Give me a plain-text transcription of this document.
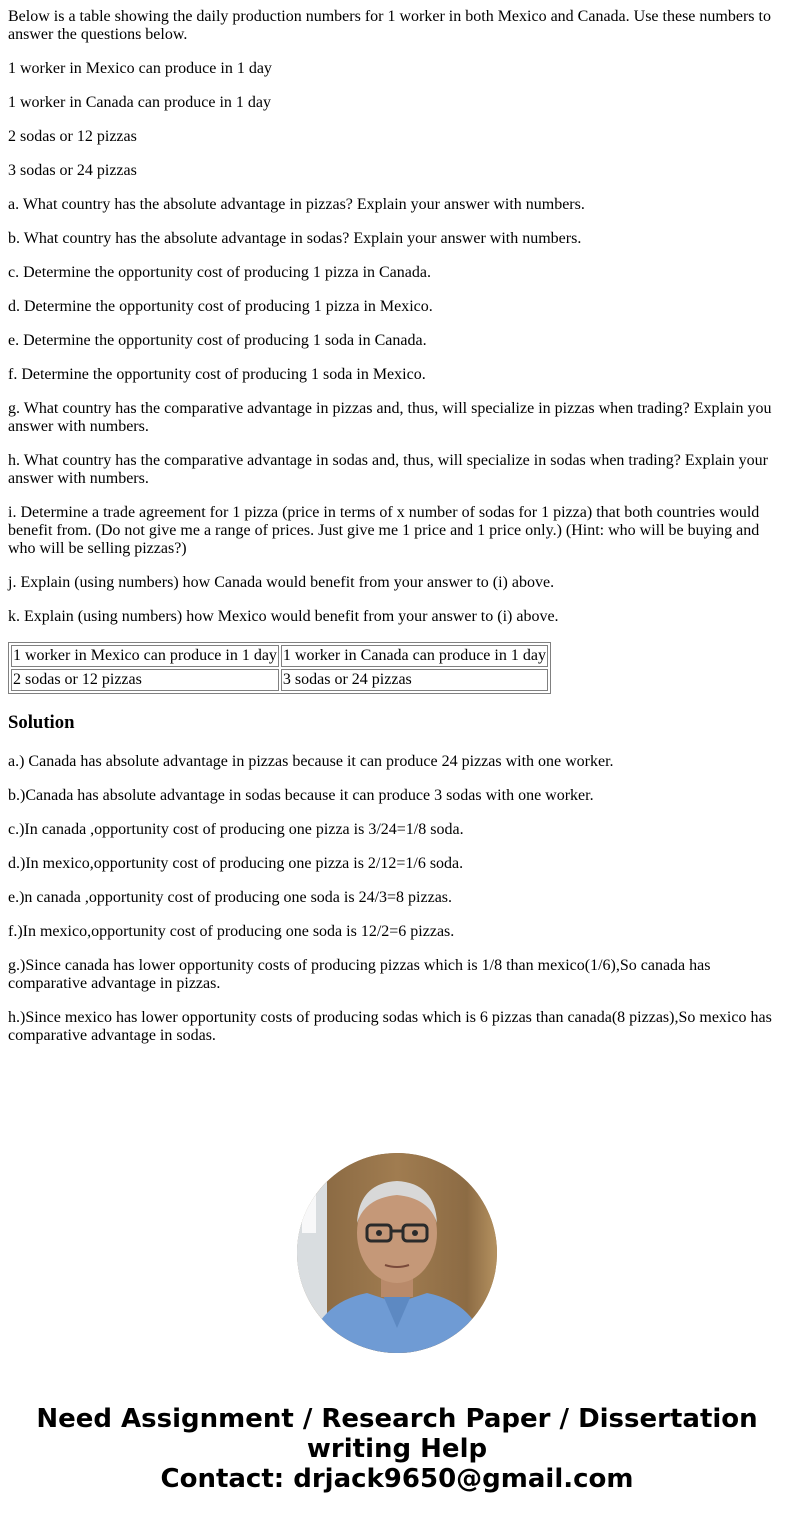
Below is a table showing the daily production numbers for 1 worker in both Mexico and Canada. Use these numbers to answer the questions below.

1 worker in Mexico can produce in 1 day

1 worker in Canada can produce in 1 day

2 sodas or 12 pizzas

3 sodas or 24 pizzas

a. What country has the absolute advantage in pizzas? Explain your answer with numbers.

b. What country has the absolute advantage in sodas? Explain your answer with numbers.

c. Determine the opportunity cost of producing 1 pizza in Canada.

d. Determine the opportunity cost of producing 1 pizza in Mexico.

e. Determine the opportunity cost of producing 1 soda in Canada.

f. Determine the opportunity cost of producing 1 soda in Mexico.

g. What country has the comparative advantage in pizzas and, thus, will specialize in pizzas when trading? Explain you answer with numbers.

h. What country has the comparative advantage in sodas and, thus, will specialize in sodas when trading? Explain your answer with numbers.

i. Determine a trade agreement for 1 pizza (price in terms of x number of sodas for 1 pizza) that both countries would benefit from. (Do not give me a range of prices. Just give me 1 price and 1 price only.) (Hint: who will be buying and who will be selling pizzas?)

j. Explain (using numbers) how Canada would benefit from your answer to (i) above.

k. Explain (using numbers) how Mexico would benefit from your answer to (i) above.

1 worker in Mexico can produce in 1 day	1 worker in Canada can produce in 1 day
2 sodas or 12 pizzas	3 sodas or 24 pizzas
Solution

a.) Canada has absolute advantage in pizzas because it can produce 24 pizzas with one worker.

b.)Canada has absolute advantage in sodas because it can produce 3 sodas with one worker.

c.)In canada ,opportunity cost of producing one pizza is 3/24=1/8 soda.

d.)In mexico,opportunity cost of producing one pizza is 2/12=1/6 soda.

e.)n canada ,opportunity cost of producing one soda is 24/3=8 pizzas.

f.)In mexico,opportunity cost of producing one soda is 12/2=6 pizzas.

g.)Since canada has lower opportunity costs of producing pizzas which is 1/8 than mexico(1/6),So canada has comparative advantage in pizzas.

h.)Since mexico has lower opportunity costs of producing sodas which is 6 pizzas than canada(8 pizzas),So mexico has comparative advantage in sodas.

Need Assignment / Research Paper / Dissertation
writing Help
Contact: drjack9650@gmail.com
